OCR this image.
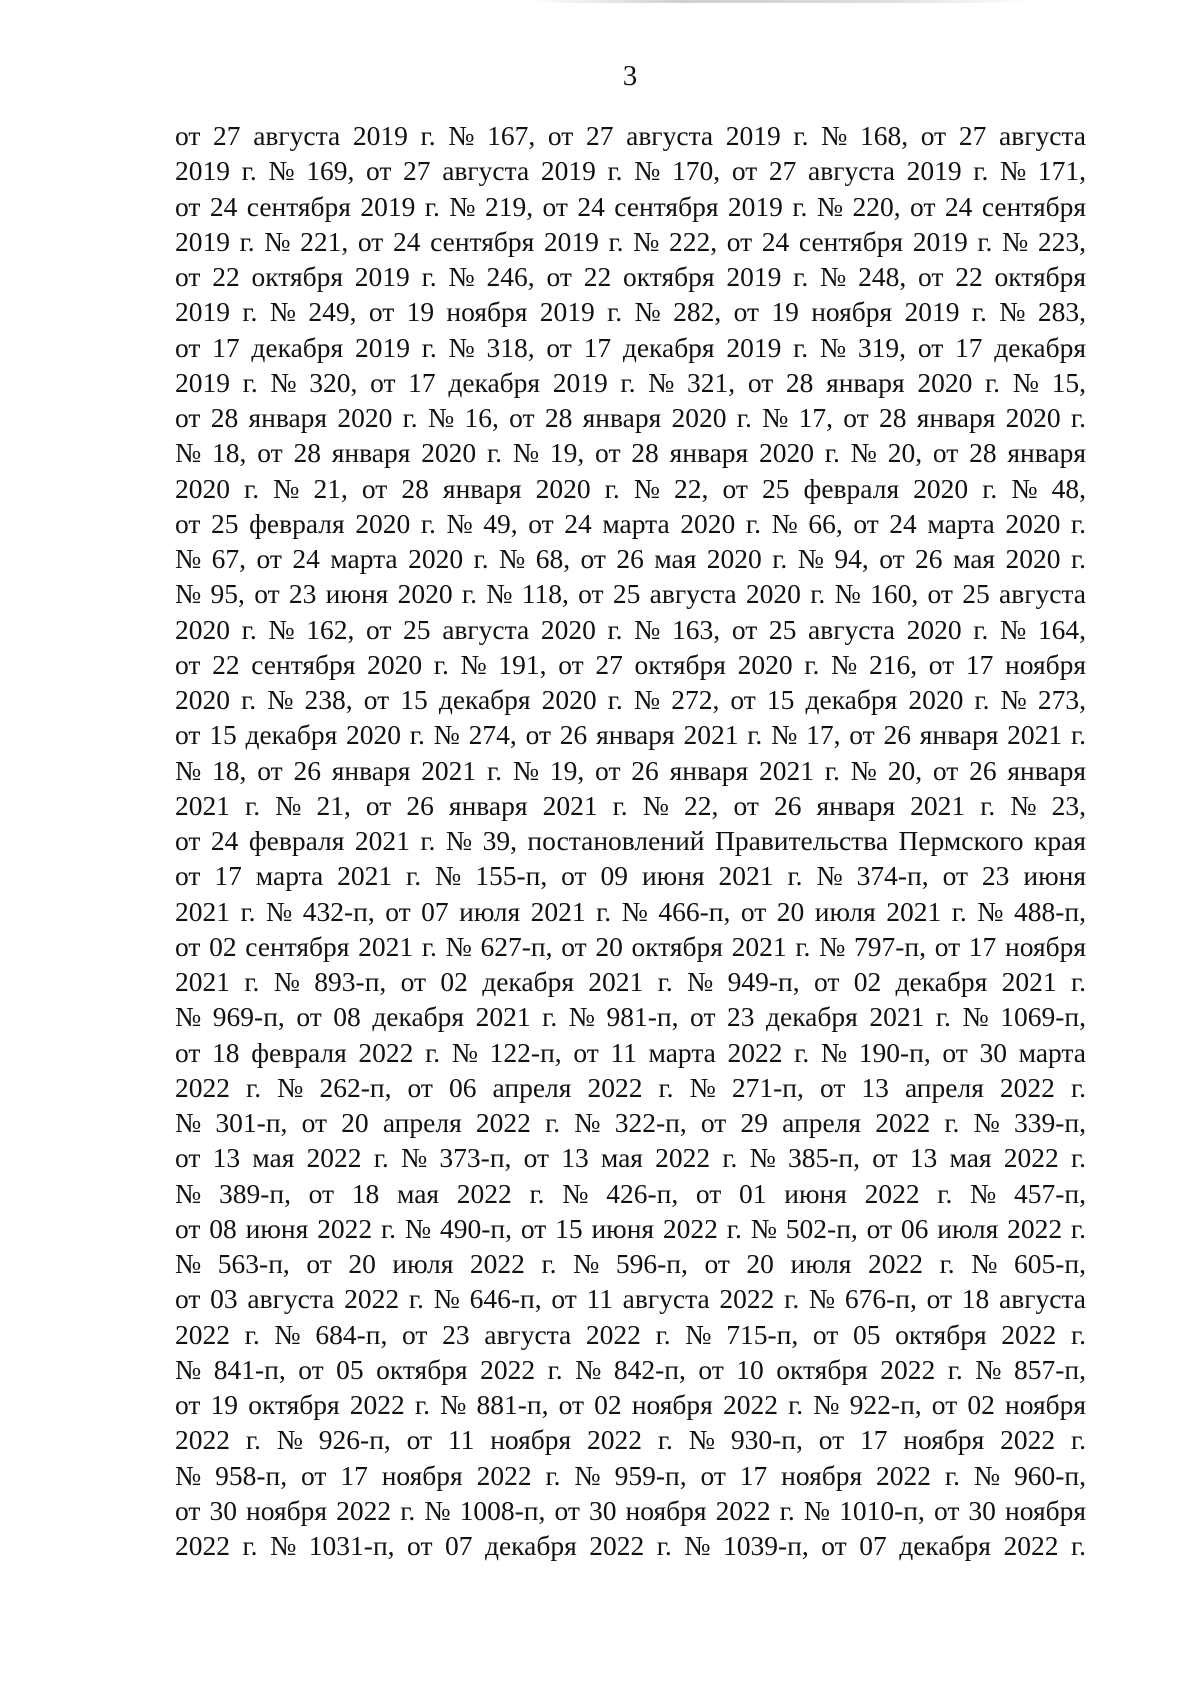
3
от 27 августа 2019 г. № 167, от 27 августа 2019 г. № 168, от 27 августа
2019 г. № 169, от 27 августа 2019 г. № 170, от 27 августа 2019 г. № 171,
от 24 сентября 2019 г. № 219, от 24 сентября 2019 г. № 220, от 24 сентября
2019 г. № 221, от 24 сентября 2019 г. № 222, от 24 сентября 2019 г. № 223,
от 22 октября 2019 г. № 246, от 22 октября 2019 г. № 248, от 22 октября
2019 г. № 249, от 19 ноября 2019 г. № 282, от 19 ноября 2019 г. № 283,
от 17 декабря 2019 г. № 318, от 17 декабря 2019 г. № 319, от 17 декабря
2019 г. № 320, от 17 декабря 2019 г. № 321, от 28 января 2020 г. № 15,
от 28 января 2020 г. № 16, от 28 января 2020 г. № 17, от 28 января 2020 г.
№ 18, от 28 января 2020 г. № 19, от 28 января 2020 г. № 20, от 28 января
2020 г. № 21, от 28 января 2020 г. № 22, от 25 февраля 2020 г. № 48,
от 25 февраля 2020 г. № 49, от 24 марта 2020 г. № 66, от 24 марта 2020 г.
№ 67, от 24 марта 2020 г. № 68, от 26 мая 2020 г. № 94, от 26 мая 2020 г.
№ 95, от 23 июня 2020 г. № 118, от 25 августа 2020 г. № 160, от 25 августа
2020 г. № 162, от 25 августа 2020 г. № 163, от 25 августа 2020 г. № 164,
от 22 сентября 2020 г. № 191, от 27 октября 2020 г. № 216, от 17 ноября
2020 г. № 238, от 15 декабря 2020 г. № 272, от 15 декабря 2020 г. № 273,
от 15 декабря 2020 г. № 274, от 26 января 2021 г. № 17, от 26 января 2021 г.
№ 18, от 26 января 2021 г. № 19, от 26 января 2021 г. № 20, от 26 января
2021 г. № 21, от 26 января 2021 г. № 22, от 26 января 2021 г. № 23,
от 24 февраля 2021 г. № 39, постановлений Правительства Пермского края
от 17 марта 2021 г. № 155-п, от 09 июня 2021 г. № 374-п, от 23 июня
2021 г. № 432-п, от 07 июля 2021 г. № 466-п, от 20 июля 2021 г. № 488-п,
от 02 сентября 2021 г. № 627-п, от 20 октября 2021 г. № 797-п, от 17 ноября
2021 г. № 893-п, от 02 декабря 2021 г. № 949-п, от 02 декабря 2021 г.
№ 969-п, от 08 декабря 2021 г. № 981-п, от 23 декабря 2021 г. № 1069-п,
от 18 февраля 2022 г. № 122-п, от 11 марта 2022 г. № 190-п, от 30 марта
2022 г. № 262-п, от 06 апреля 2022 г. № 271-п, от 13 апреля 2022 г.
№ 301-п, от 20 апреля 2022 г. № 322-п, от 29 апреля 2022 г. № 339-п,
от 13 мая 2022 г. № 373-п, от 13 мая 2022 г. № 385-п, от 13 мая 2022 г.
№ 389-п, от 18 мая 2022 г. № 426-п, от 01 июня 2022 г. № 457-п,
от 08 июня 2022 г. № 490-п, от 15 июня 2022 г. № 502-п, от 06 июля 2022 г.
№ 563-п, от 20 июля 2022 г. № 596-п, от 20 июля 2022 г. № 605-п,
от 03 августа 2022 г. № 646-п, от 11 августа 2022 г. № 676-п, от 18 августа
2022 г. № 684-п, от 23 августа 2022 г. № 715-п, от 05 октября 2022 г.
№ 841-п, от 05 октября 2022 г. № 842-п, от 10 октября 2022 г. № 857-п,
от 19 октября 2022 г. № 881-п, от 02 ноября 2022 г. № 922-п, от 02 ноября
2022 г. № 926-п, от 11 ноября 2022 г. № 930-п, от 17 ноября 2022 г.
№ 958-п, от 17 ноября 2022 г. № 959-п, от 17 ноября 2022 г. № 960-п,
от 30 ноября 2022 г. № 1008-п, от 30 ноября 2022 г. № 1010-п, от 30 ноября
2022 г. № 1031-п, от 07 декабря 2022 г. № 1039-п, от 07 декабря 2022 г.
